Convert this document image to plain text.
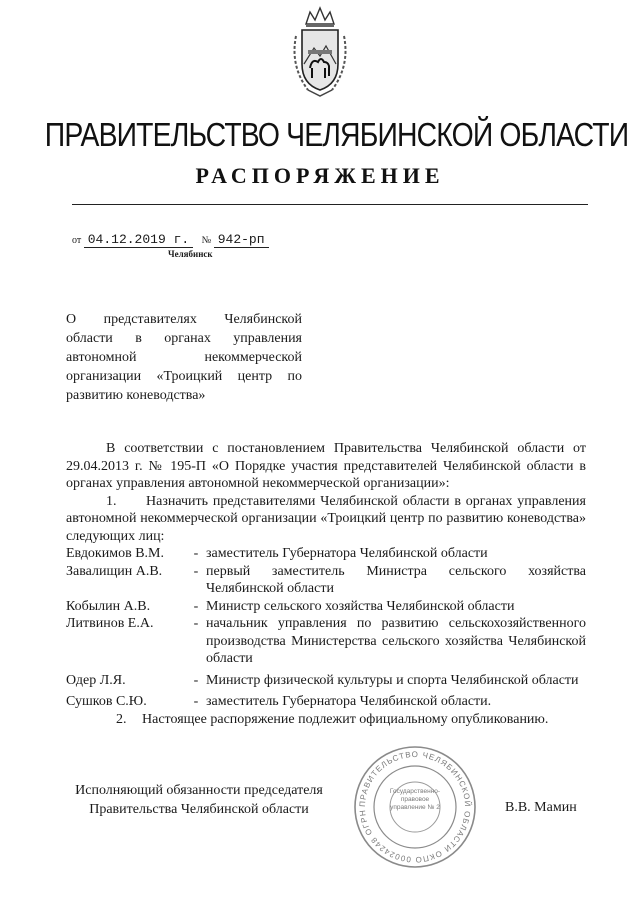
ПРАВИТЕЛЬСТВО ЧЕЛЯБИНСКОЙ ОБЛАСТИ
РАСПОРЯЖЕНИЕ
от 04.12.2019 г. № 942-рп
Челябинск
О представителях Челябинской области в органах управления автономной некоммерческой организации «Троицкий центр по развитию коневодства»

В соответствии с постановлением Правительства Челябинской области от 29.04.2013 г. № 195-П «О Порядке участия представителей Челябинской области в органах управления автономной некоммерческой организации»:

1. Назначить представителями Челябинской области в органах управления автономной некоммерческой организации «Троицкий центр по развитию коневодства» следующих лиц:

Евдокимов В.М.	- заместитель Губернатора Челябинской области
Завалищин А.В.	- первый заместитель Министра сельского хозяйства Челябинской области
Кобылин А.В.	- Министр сельского хозяйства Челябинской области
Литвинов Е.А.	- начальник управления по развитию сельскохозяйственного производства Министерства сельского хозяйства Челябинской области
Одер Л.Я.	- Министр физической культуры и спорта Челябинской области
Сушков С.Ю.	- заместитель Губернатора Челябинской области.

2. Настоящее распоряжение подлежит официальному опубликованию.

Исполняющий обязанности председателя
Правительства Челябинской области	В.В. Мамин
ПРАВИТЕЛЬСТВО ЧЕЛЯБИНСКОЙ ОБЛАСТИ ОКПО 00024248 ОГРН
Государственно-правовое управление № 2
